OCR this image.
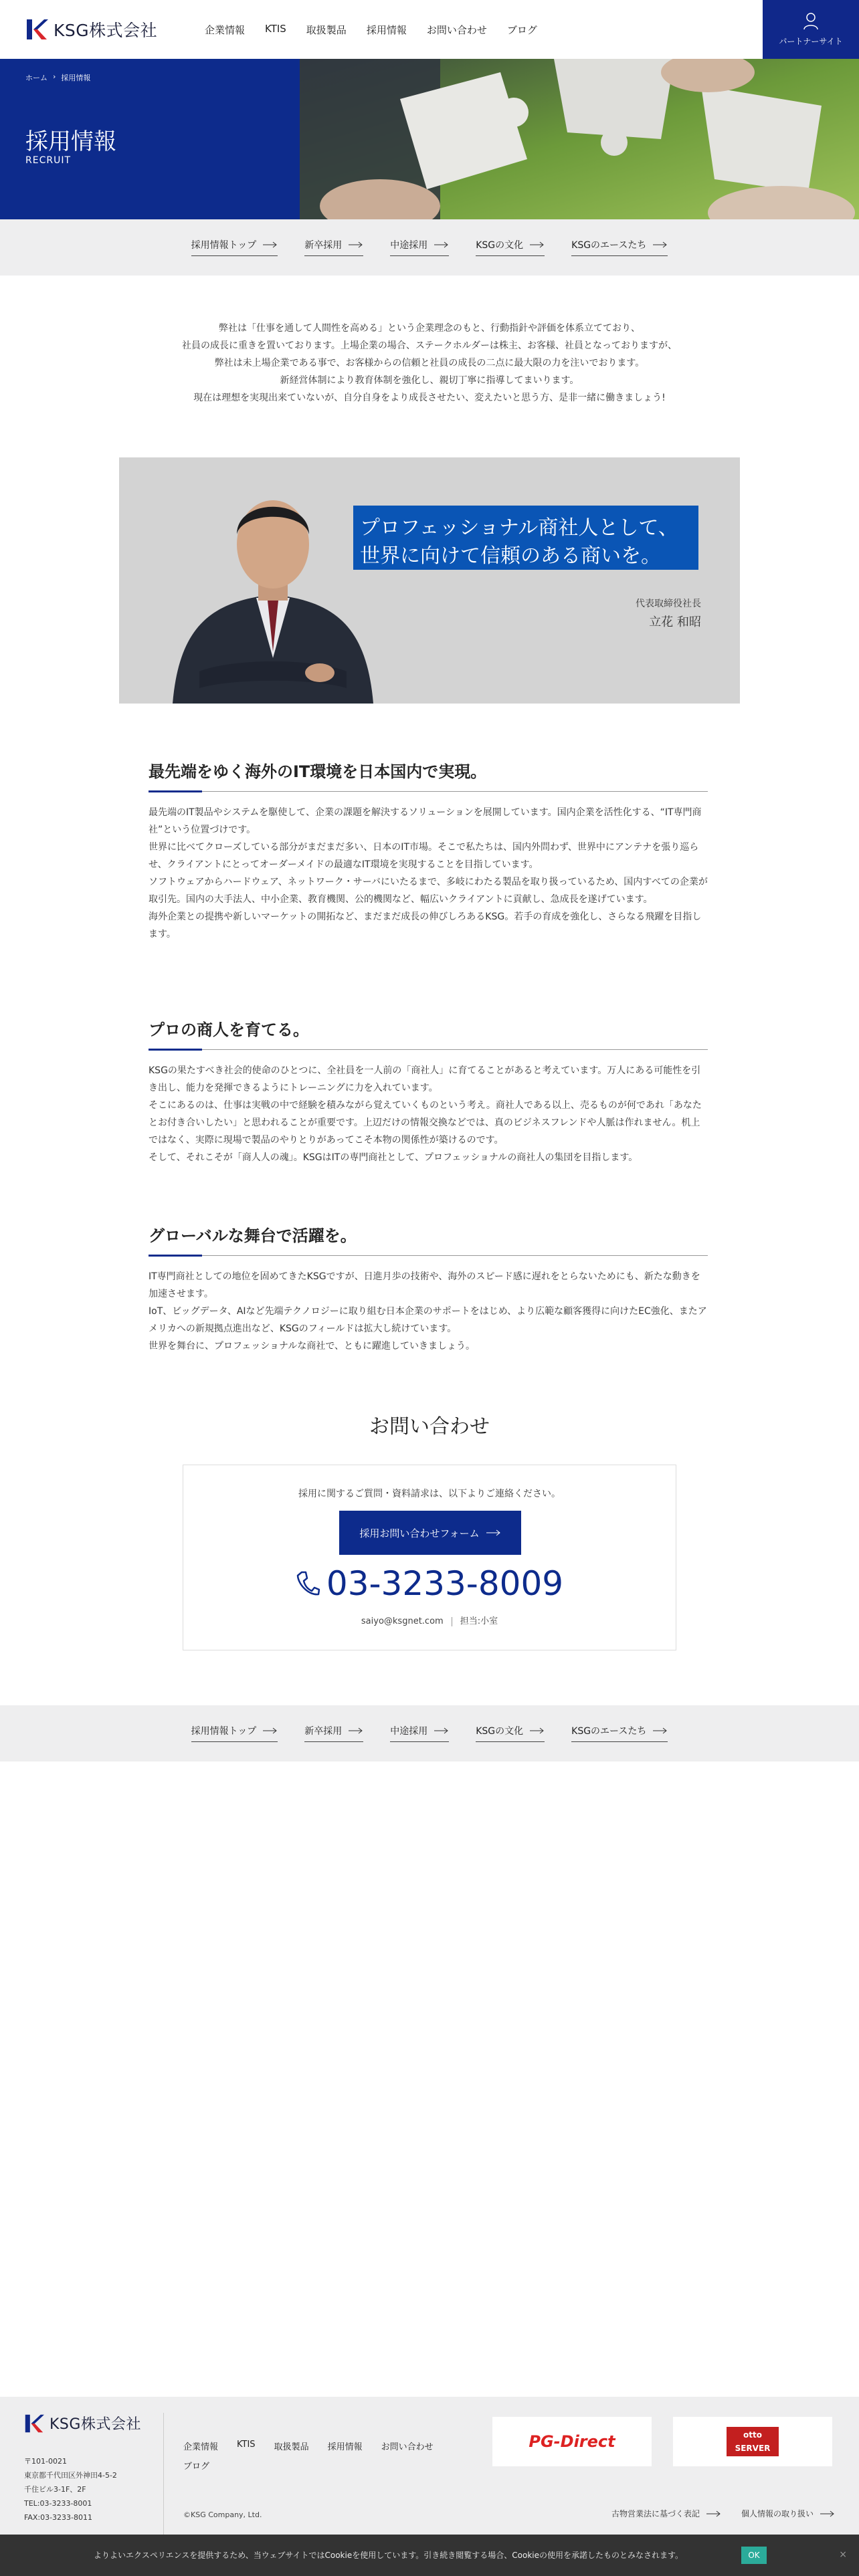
KSG株式会社	企業情報 KTIS 取扱製品 採用情報 お問い合わせ ブログ
パートナーサイト
ホーム › 採用情報
採用情報
RECRUIT
採用情報トップ	新卒採用	中途採用	KSGの文化	KSGのエースたち

弊社は「仕事を通して人間性を高める」という企業理念のもと、行動指針や評価を体系立てており、

社員の成長に重きを置いております。上場企業の場合、ステークホルダーは株主、お客様、社員となっておりますが、

弊社は未上場企業である事で、お客様からの信頼と社員の成長の二点に最大限の力を注いでおります。

新経営体制により教育体制を強化し、親切丁寧に指導してまいります。

現在は理想を実現出来ていないが、自分自身をより成長させたい、変えたいと思う方、是非一緒に働きましょう!

プロフェッショナル商社人として、
世界に向けて信頼のある商いを。
代表取締役社長
立花 和昭
最先端をゆく海外のIT環境を日本国内で実現。

最先端のIT製品やシステムを駆使して、企業の課題を解決するソリューションを展開しています。国内企業を活性化する、“IT専門商社”という位置づけです。

世界に比べてクローズしている部分がまだまだ多い、日本のIT市場。そこで私たちは、国内外問わず、世界中にアンテナを張り巡らせ、クライアントにとってオーダーメイドの最適なIT環境を実現することを目指しています。

ソフトウェアからハードウェア、ネットワーク・サーバにいたるまで、多岐にわたる製品を取り扱っているため、国内すべての企業が取引先。国内の大手法人、中小企業、教育機関、公的機関など、幅広いクライアントに貢献し、急成長を遂げています。

海外企業との提携や新しいマーケットの開拓など、まだまだ成長の伸びしろあるKSG。若手の育成を強化し、さらなる飛躍を目指します。

プロの商人を育てる。

KSGの果たすべき社会的使命のひとつに、全社員を一人前の「商社人」に育てることがあると考えています。万人にある可能性を引き出し、能力を発揮できるようにトレーニングに力を入れています。

そこにあるのは、仕事は実戦の中で経験を積みながら覚えていくものという考え。商社人である以上、売るものが何であれ「あなたとお付き合いしたい」と思われることが重要です。上辺だけの情報交換などでは、真のビジネスフレンドや人脈は作れません。机上ではなく、実際に現場で製品のやりとりがあってこそ本物の関係性が築けるのです。

そして、それこそが「商人人の魂」。KSGはITの専門商社として、プロフェッショナルの商社人の集団を目指します。

グローバルな舞台で活躍を。

IT専門商社としての地位を固めてきたKSGですが、日進月歩の技術や、海外のスピード感に遅れをとらないためにも、新たな動きを加速させます。

IoT、ビッグデータ、AIなど先端テクノロジーに取り組む日本企業のサポートをはじめ、より広範な顧客獲得に向けたEC強化、またアメリカへの新規拠点進出など、KSGのフィールドは拡大し続けています。

世界を舞台に、プロフェッショナルな商社で、ともに躍進していきましょう。

お問い合わせ
採用に関するご質問・資料請求は、以下よりご連絡ください。
採用お問い合わせフォーム
03-3233-8009
saiyo@ksgnet.com 担当:小室
採用情報トップ	新卒採用	中途採用	KSGの文化	KSGのエースたち
KSG株式会社
〒101-0021
東京都千代田区外神田4-5-2
千住ビル3-1F、2F
TEL:03-3233-8001
FAX:03-3233-8011
企業情報 KTIS 取扱製品 採用情報 お問い合わせ
ブログ
PG-Direct	otto
SERVER
©KSG Company, Ltd.	古物営業法に基づく表記	個人情報の取り扱い
よりよいエクスペリエンスを提供するため、当ウェブサイトではCookieを使用しています。引き続き閲覧する場合、Cookieの使用を承諾したものとみなされます。	OK	×
